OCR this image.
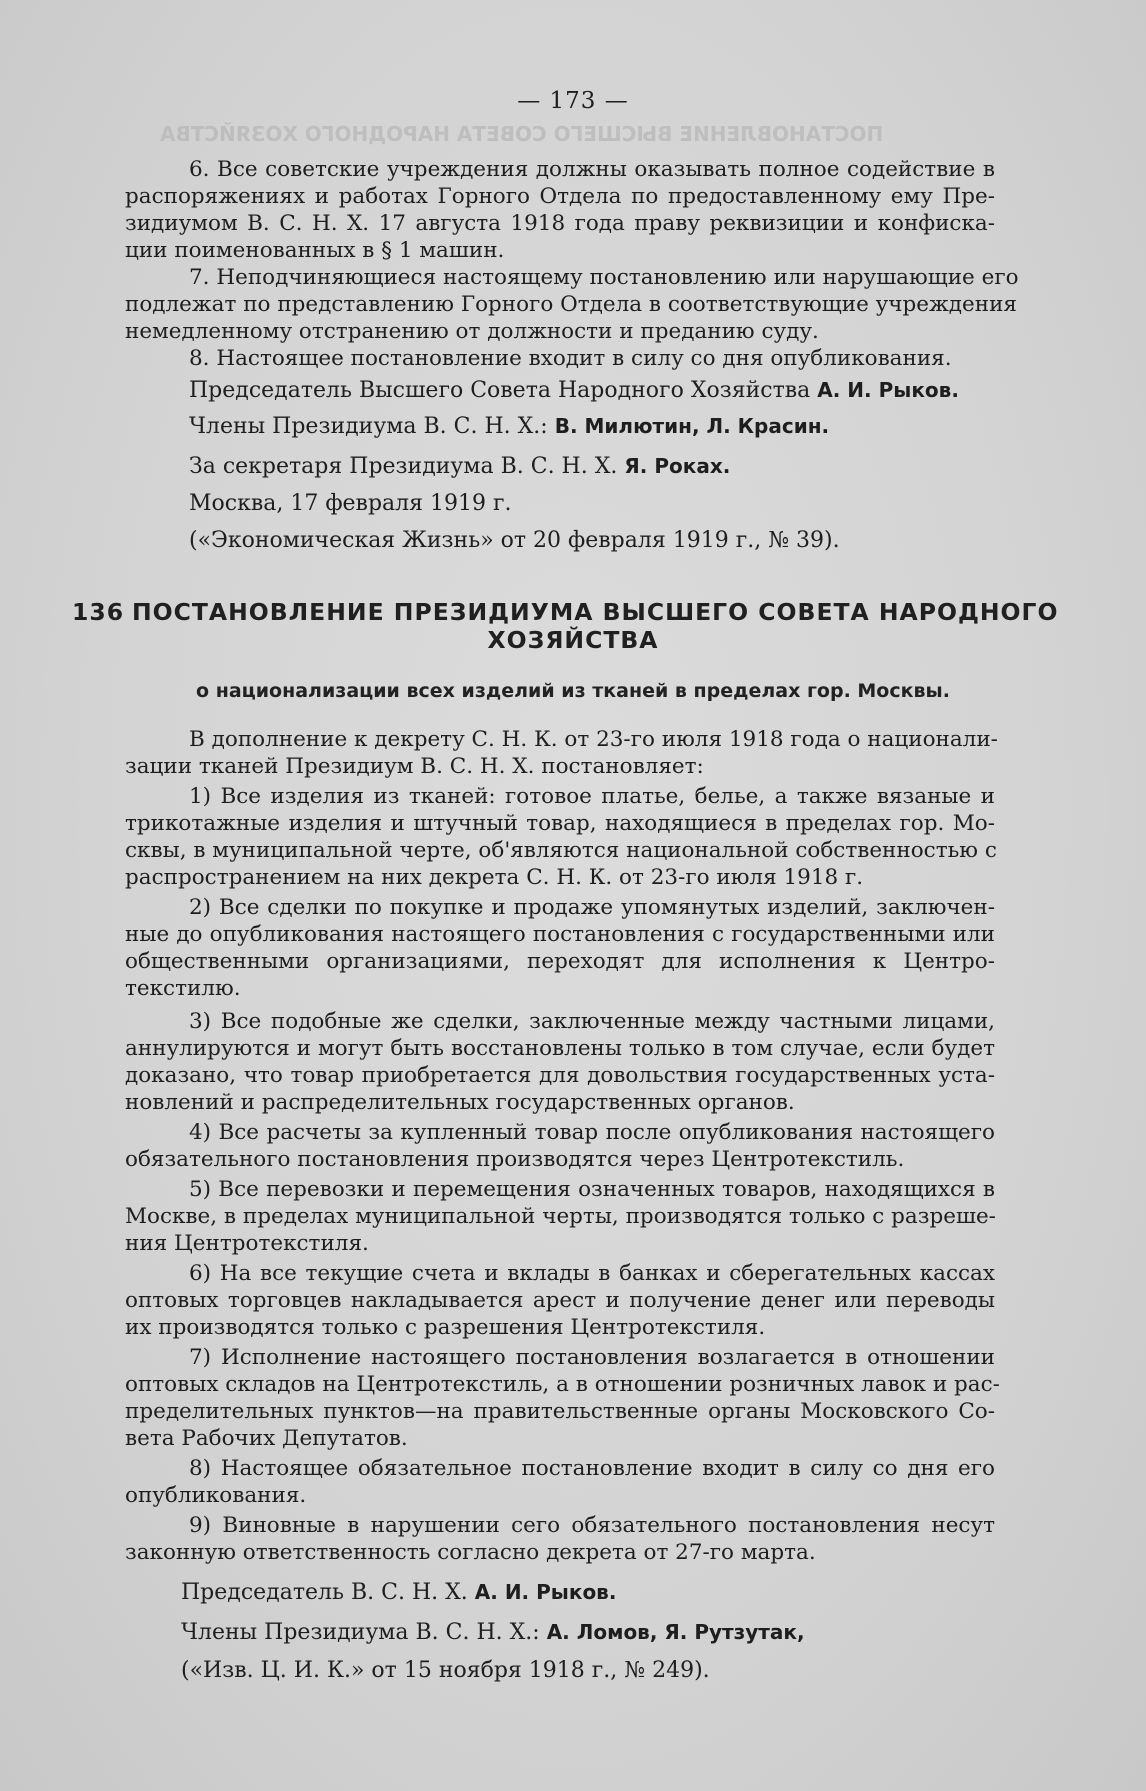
ПОСТАНОВЛЕНИЕ ВЫСШЕГО СОВЕТА НАРОДНОГО ХОЗЯЙСТВА
— 173 —
6. Все советские учреждения должны оказывать полное содействие в
распоряжениях и работах Горного Отдела по предоставленному ему Пре-
зидиумом В. С. Н. Х. 17 августа 1918 года праву реквизиции и конфиска-
ции поименованных в § 1 машин.
7. Неподчиняющиеся настоящему постановлению или нарушающие его
подлежат по представлению Горного Отдела в соответствующие учреждения
немедленному отстранению от должности и преданию суду.
8. Настоящее постановление входит в силу со дня опубликования.
Председатель Высшего Совета Народного Хозяйства А. И. Рыков.
Члены Президиума В. С. Н. Х.: В. Милютин, Л. Красин.
За секретаря Президиума В. С. Н. Х. Я. Роках.
Москва, 17 февраля 1919 г.
(«Экономическая Жизнь» от 20 февраля 1919 г., № 39).
136 ПОСТАНОВЛЕНИЕ ПРЕЗИДИУМА ВЫСШЕГО СОВЕТА НАРОДНОГО
ХОЗЯЙСТВА
о национализации всех изделий из тканей в пределах гор. Москвы.
В дополнение к декрету С. Н. К. от 23-го июля 1918 года о национали-
зации тканей Президиум В. С. Н. Х. постановляет:
1) Все изделия из тканей: готовое платье, белье, а также вязаные и
трикотажные изделия и штучный товар, находящиеся в пределах гор. Мо-
сквы, в муниципальной черте, об'являются национальной собственностью с
распространением на них декрета С. Н. К. от 23-го июля 1918 г.
2) Все сделки по покупке и продаже упомянутых изделий, заключен-
ные до опубликования настоящего постановления с государственными или
общественными организациями, переходят для исполнения к Центро-
текстилю.
3) Все подобные же сделки, заключенные между частными лицами,
аннулируются и могут быть восстановлены только в том случае, если будет
доказано, что товар приобретается для довольствия государственных уста-
новлений и распределительных государственных органов.
4) Все расчеты за купленный товар после опубликования настоящего
обязательного постановления производятся через Центротекстиль.
5) Все перевозки и перемещения означенных товаров, находящихся в
Москве, в пределах муниципальной черты, производятся только с разреше-
ния Центротекстиля.
6) На все текущие счета и вклады в банках и сберегательных кассах
оптовых торговцев накладывается арест и получение денег или переводы
их производятся только с разрешения Центротекстиля.
7) Исполнение настоящего постановления возлагается в отношении
оптовых складов на Центротекстиль, а в отношении розничных лавок и рас-
пределительных пунктов—на правительственные органы Московского Со-
вета Рабочих Депутатов.
8) Настоящее обязательное постановление входит в силу со дня его
опубликования.
9) Виновные в нарушении сего обязательного постановления несут
законную ответственность согласно декрета от 27-го марта.
Председатель В. С. Н. Х. А. И. Рыков.
Члены Президиума В. С. Н. Х.: А. Ломов, Я. Рутзутак,
(«Изв. Ц. И. К.» от 15 ноября 1918 г., № 249).
